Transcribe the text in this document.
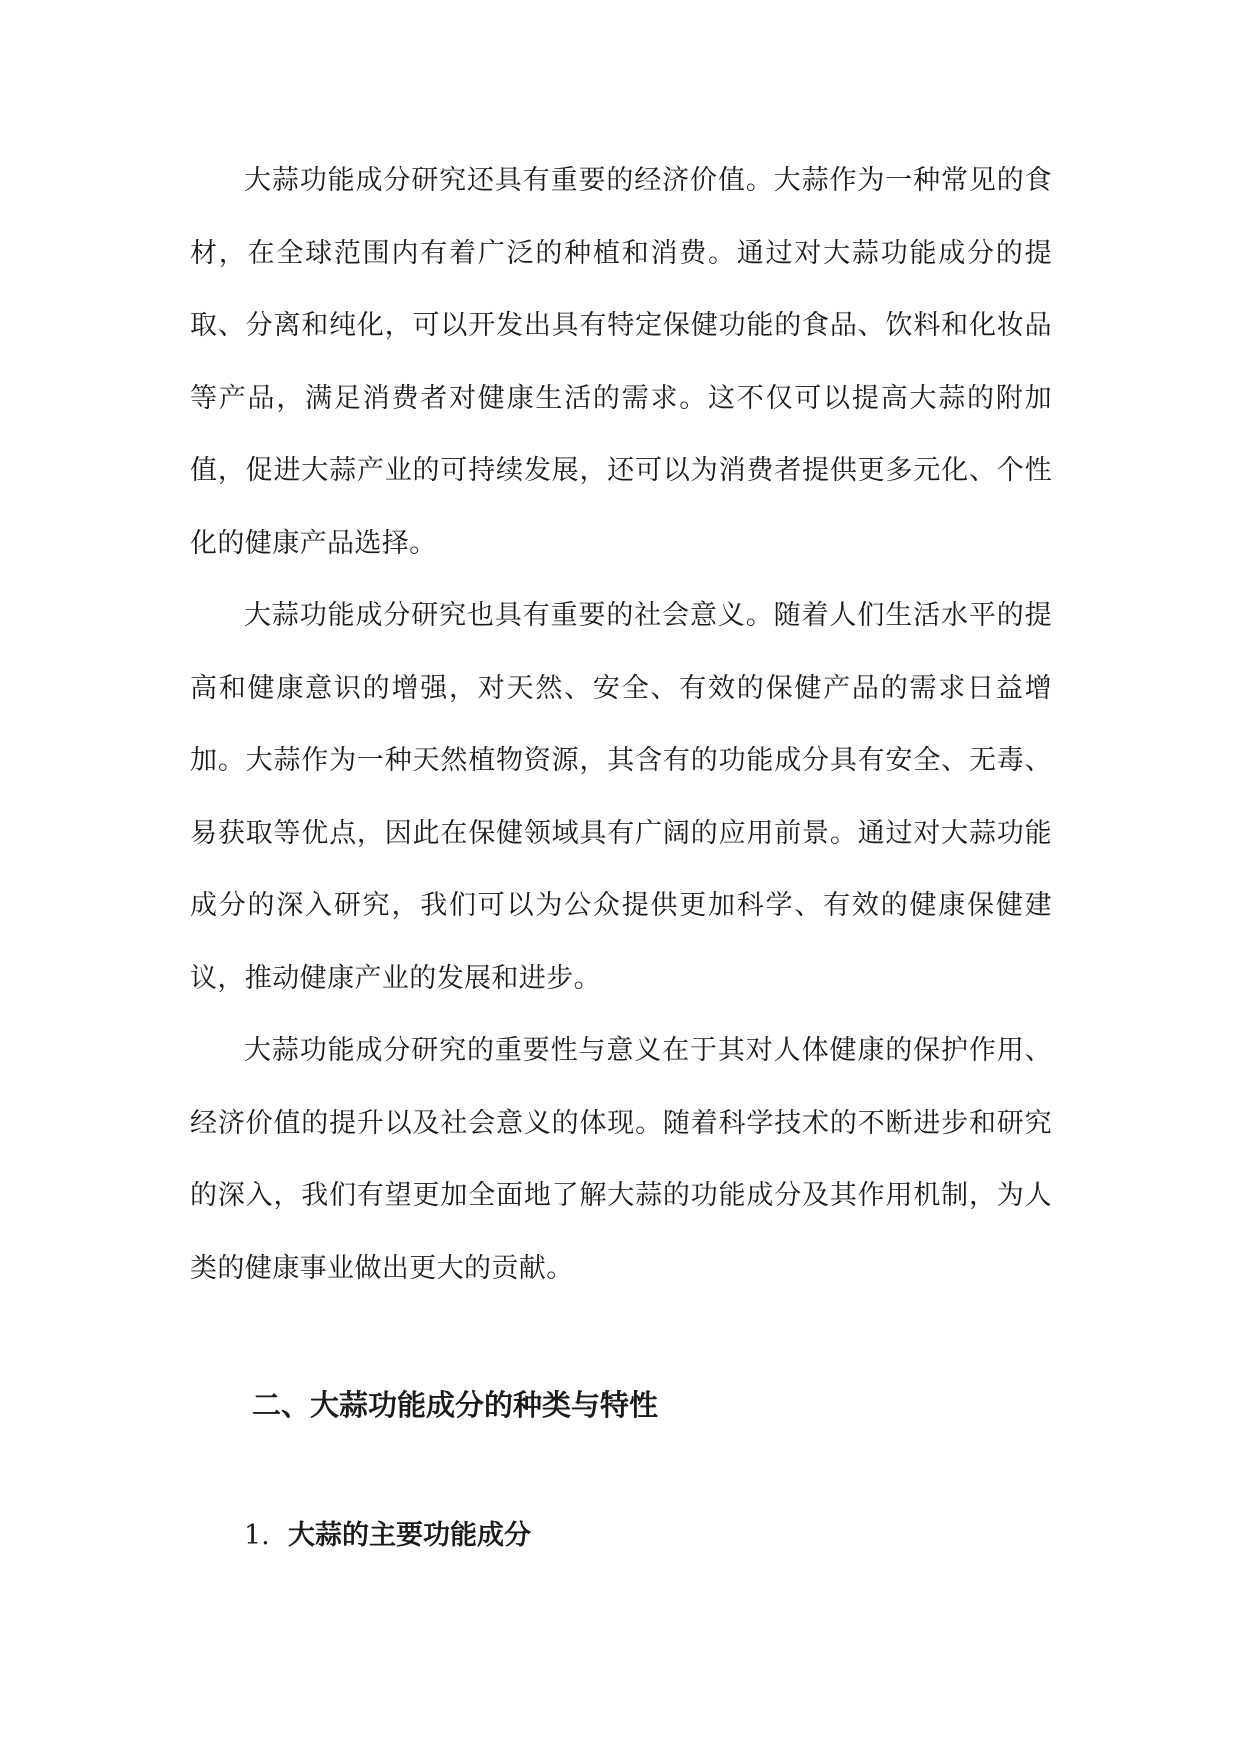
大蒜功能成分研究还具有重要的经济价值。大蒜作为一种常见的食材，在全球范围内有着广泛的种植和消费。通过对大蒜功能成分的提取、分离和纯化，可以开发出具有特定保健功能的食品、饮料和化妆品等产品，满足消费者对健康生活的需求。这不仅可以提高大蒜的附加值，促进大蒜产业的可持续发展，还可以为消费者提供更多元化、个性化的健康产品选择。

大蒜功能成分研究也具有重要的社会意义。随着人们生活水平的提高和健康意识的增强，对天然、安全、有效的保健产品的需求日益增加。大蒜作为一种天然植物资源，其含有的功能成分具有安全、无毒、易获取等优点，因此在保健领域具有广阔的应用前景。通过对大蒜功能成分的深入研究，我们可以为公众提供更加科学、有效的健康保健建议，推动健康产业的发展和进步。

大蒜功能成分研究的重要性与意义在于其对人体健康的保护作用、经济价值的提升以及社会意义的体现。随着科学技术的不断进步和研究的深入，我们有望更加全面地了解大蒜的功能成分及其作用机制，为人类的健康事业做出更大的贡献。

二、大蒜功能成分的种类与特性
1. 大蒜的主要功能成分
